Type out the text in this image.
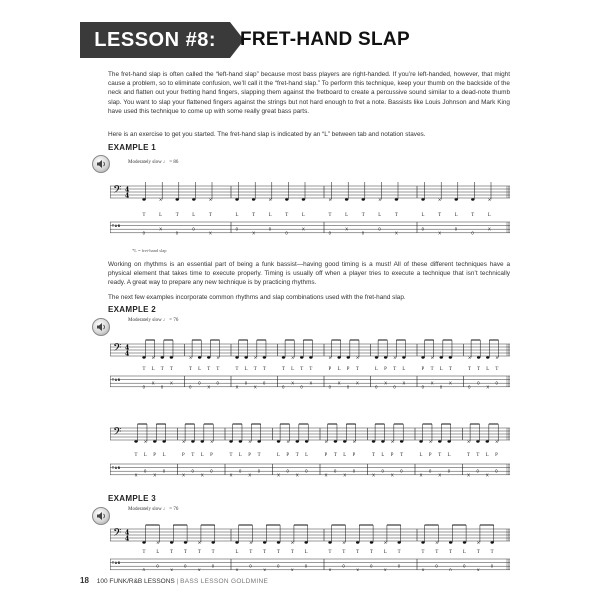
LESSON #8:	FRET-HAND SLAP
The fret-hand slap is often called the “left-hand slap” because most bass players are right-handed. If you’re left-handed, however, that might cause a problem, so to eliminate confusion, we’ll call it the “fret-hand slap.” To perform this technique, keep your thumb on the backside of the neck and flatten out your fretting hand fingers, slapping them against the fretboard to create a percussive sound similar to a dead-note thumb slap. You want to slap your flattened fingers against the strings but not hard enough to fret a note. Bassists like Louis Johnson and Mark King have used this technique to come up with some really great bass parts.
Here is an exercise to get you started. The fret-hand slap is indicated by an “L” between tab and notation staves.
EXAMPLE 1
Moderately slow ♩ = 86
𝄢 4
4
T A B
T
0
×
L
X
T
0
L
0
×
T
X
L
0
T
X
×
L
0
T
0
L
X
×
T
0
L
X
T
0
×
L
0
T
X
L
0
×
T
X
L
0
T
0
×
L
X
*L = fret-hand slap
Working on rhythms is an essential part of being a funk bassist—having good timing is a must! All of these different techniques have a physical element that takes time to execute properly. Timing is usually off when a player tries to execute a technique that isn’t technically ready. A great way to prepare any new technique is by practicing rhythms.
The next few examples incorporate common rhythms and slap combinations used with the fret-hand slap.
EXAMPLE 2
Moderately slow ♩ = 76
𝄢 4
4
T A B
T
0
×
L
X
T
0
T
X
×
T
0
L
0
T
X
×
T
0
T
X
L
0
×
T
X
T
0
T
0
×
L
X
T
0
T
X
×
P
0
L
X
P
0
×
T
X
L
0
P
X
×
T
0
L
X
P
0
×
T
X
L
0
T
X
×
T
0
T
0
L
X
×
T
0
𝄢
T A B
T
X
×
L
0
P
X
L
0
×
P
X
T
0
L
X
×
P
0
T
X
L
0
×
P
X
T
0
L
X
×
P
0
T
X
L
0
×
P
X
T
0
L
X
×
P
0
T
X
L
0
×
P
X
T
0
L
X
×
P
0
T
X
L
0
×
T
X
T
0
L
X
×
P
0
EXAMPLE 3
Moderately slow ♩ = 76
𝄢 4
4
T A B
T
0
×
L
0
T
X
T
0
×
T
X
T
0
L
X
×
T
0
T
X
T
0
×
T
X
L
0
T
X
×
T
0
T
X
T
0
×
L
X
T
0
T
X
×
T
0
T
0
L
0
×
T
X
T
0
18 100 FUNK/R&B LESSONS | BASS LESSON GOLDMINE
